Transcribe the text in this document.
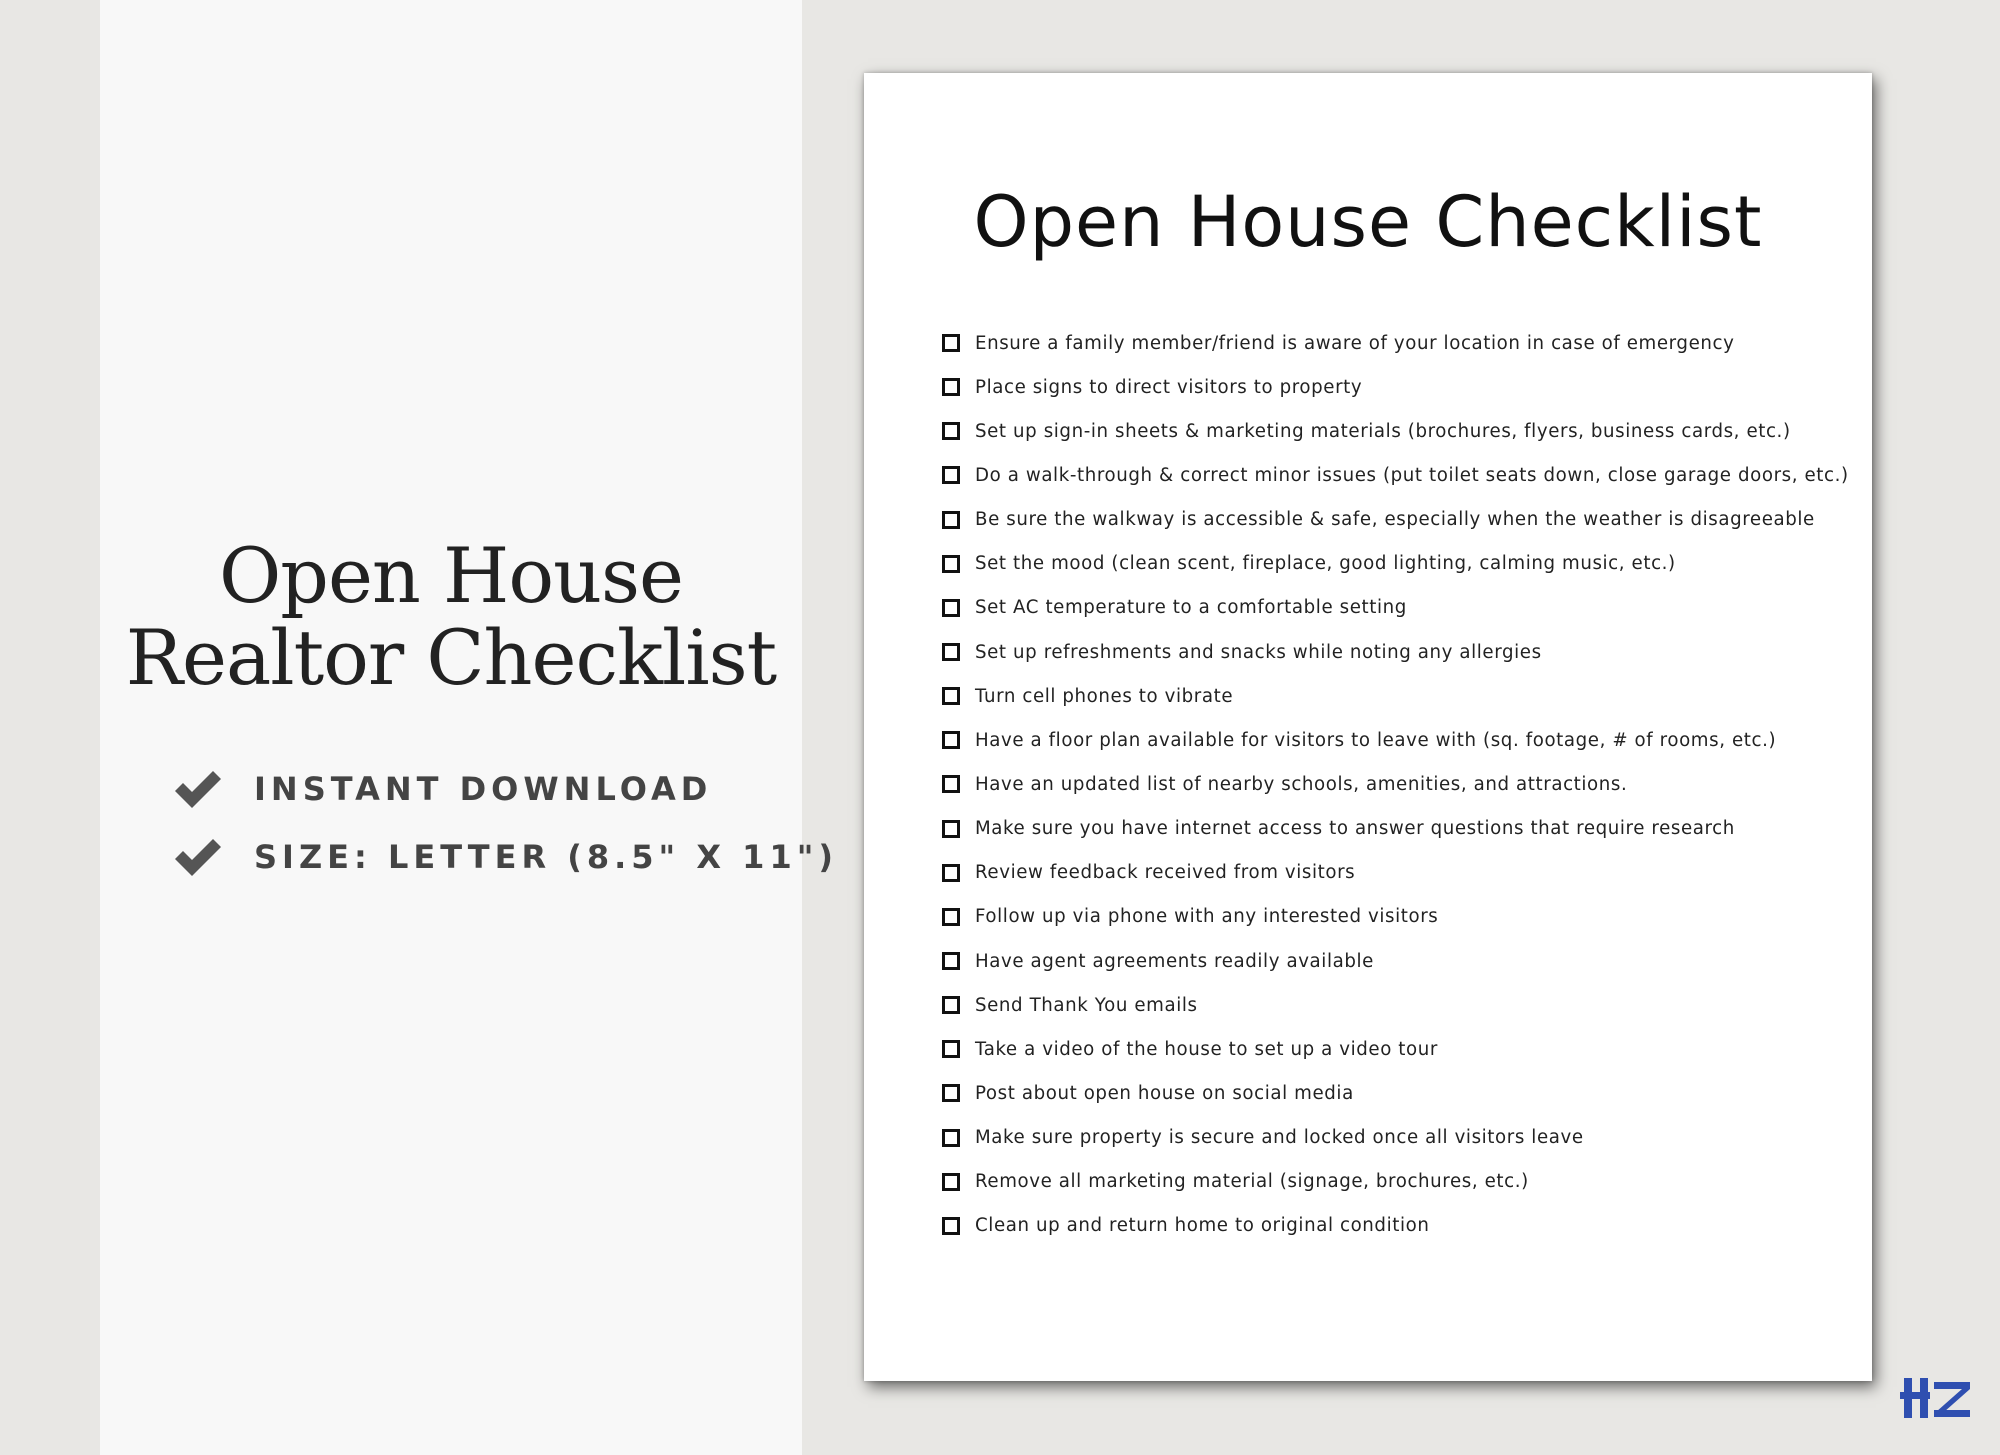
Open House
Realtor Checklist
INSTANT DOWNLOAD
SIZE: LETTER (8.5" X 11")
Open House Checklist
Ensure a family member/friend is aware of your location in case of emergency
Place signs to direct visitors to property
Set up sign-in sheets & marketing materials (brochures, flyers, business cards, etc.)
Do a walk-through & correct minor issues (put toilet seats down, close garage doors, etc.)
Be sure the walkway is accessible & safe, especially when the weather is disagreeable
Set the mood (clean scent, fireplace, good lighting, calming music, etc.)
Set AC temperature to a comfortable setting
Set up refreshments and snacks while noting any allergies
Turn cell phones to vibrate
Have a floor plan available for visitors to leave with (sq. footage, # of rooms, etc.)
Have an updated list of nearby schools, amenities, and attractions.
Make sure you have internet access to answer questions that require research
Review feedback received from visitors
Follow up via phone with any interested visitors
Have agent agreements readily available
Send Thank You emails
Take a video of the house to set up a video tour
Post about open house on social media
Make sure property is secure and locked once all visitors leave
Remove all marketing material (signage, brochures, etc.)
Clean up and return home to original condition
